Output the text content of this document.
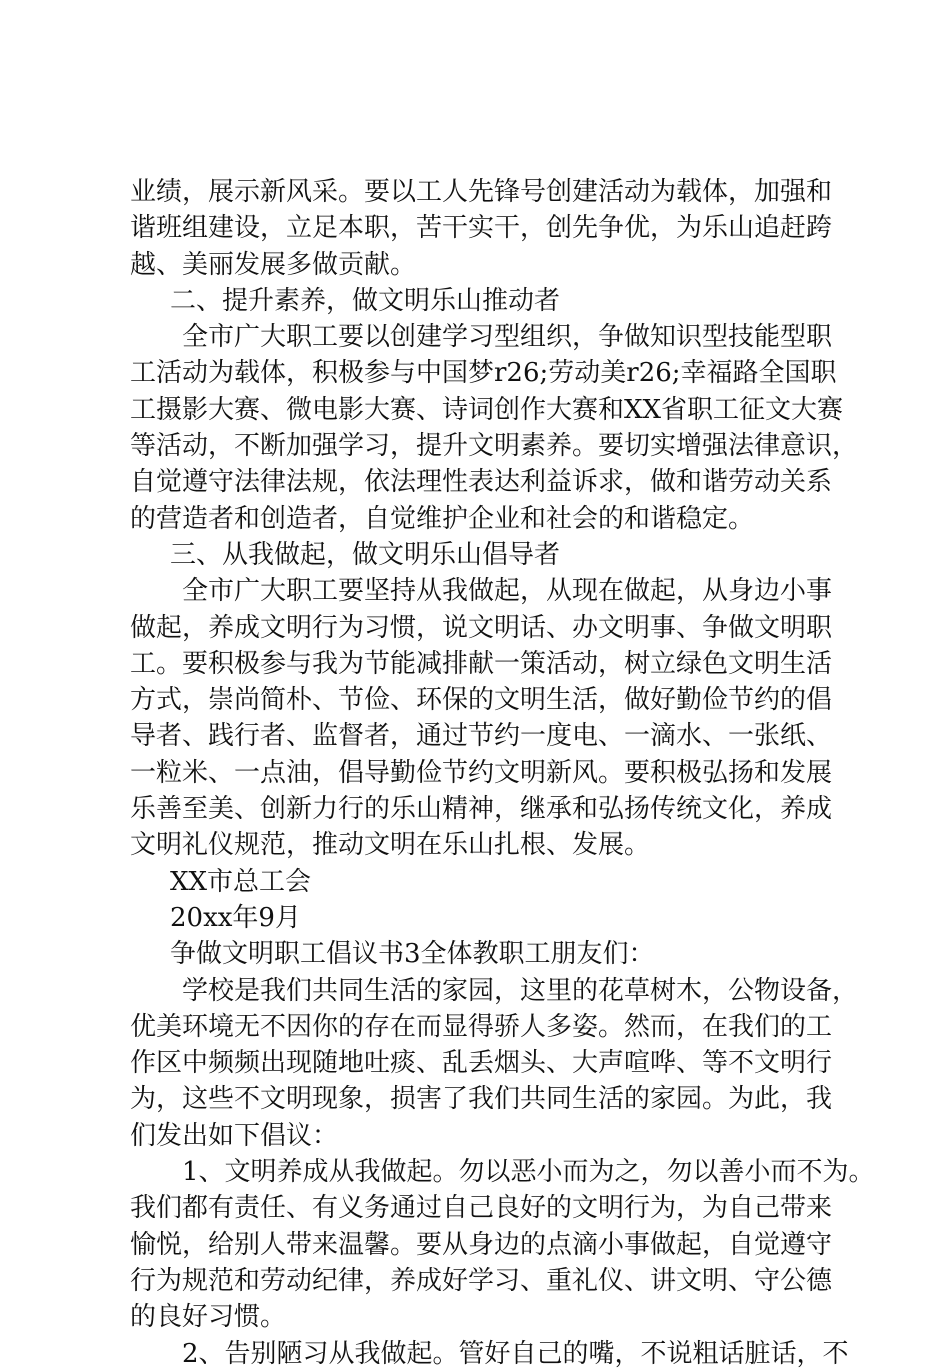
业绩，展示新风采。要以工人先锋号创建活动为载体，加强和
谐班组建设，立足本职，苦干实干，创先争优，为乐山追赶跨
越、美丽发展多做贡献。
二、提升素养，做文明乐山推动者
全市广大职工要以创建学习型组织，争做知识型技能型职
工活动为载体，积极参与中国梦r26;劳动美r26;幸福路全国职
工摄影大赛、微电影大赛、诗词创作大赛和XX省职工征文大赛
等活动，不断加强学习，提升文明素养。要切实增强法律意识，
自觉遵守法律法规，依法理性表达利益诉求，做和谐劳动关系
的营造者和创造者，自觉维护企业和社会的和谐稳定。
三、从我做起，做文明乐山倡导者
全市广大职工要坚持从我做起，从现在做起，从身边小事
做起，养成文明行为习惯，说文明话、办文明事、争做文明职
工。要积极参与我为节能减排献一策活动，树立绿色文明生活
方式，崇尚简朴、节俭、环保的文明生活，做好勤俭节约的倡
导者、践行者、监督者，通过节约一度电、一滴水、一张纸、
一粒米、一点油，倡导勤俭节约文明新风。要积极弘扬和发展
乐善至美、创新力行的乐山精神，继承和弘扬传统文化，养成
文明礼仪规范，推动文明在乐山扎根、发展。
XX市总工会
20xx年9月
争做文明职工倡议书3全体教职工朋友们：
学校是我们共同生活的家园，这里的花草树木，公物设备，
优美环境无不因你的存在而显得骄人多姿。然而，在我们的工
作区中频频出现随地吐痰、乱丢烟头、大声喧哗、等不文明行
为，这些不文明现象，损害了我们共同生活的家园。为此，我
们发出如下倡议：
1、文明养成从我做起。勿以恶小而为之，勿以善小而不为。
我们都有责任、有义务通过自己良好的文明行为，为自己带来
愉悦，给别人带来温馨。要从身边的点滴小事做起，自觉遵守
行为规范和劳动纪律，养成好学习、重礼仪、讲文明、守公德
的良好习惯。
2、告别陋习从我做起。管好自己的嘴，不说粗话脏话，不
